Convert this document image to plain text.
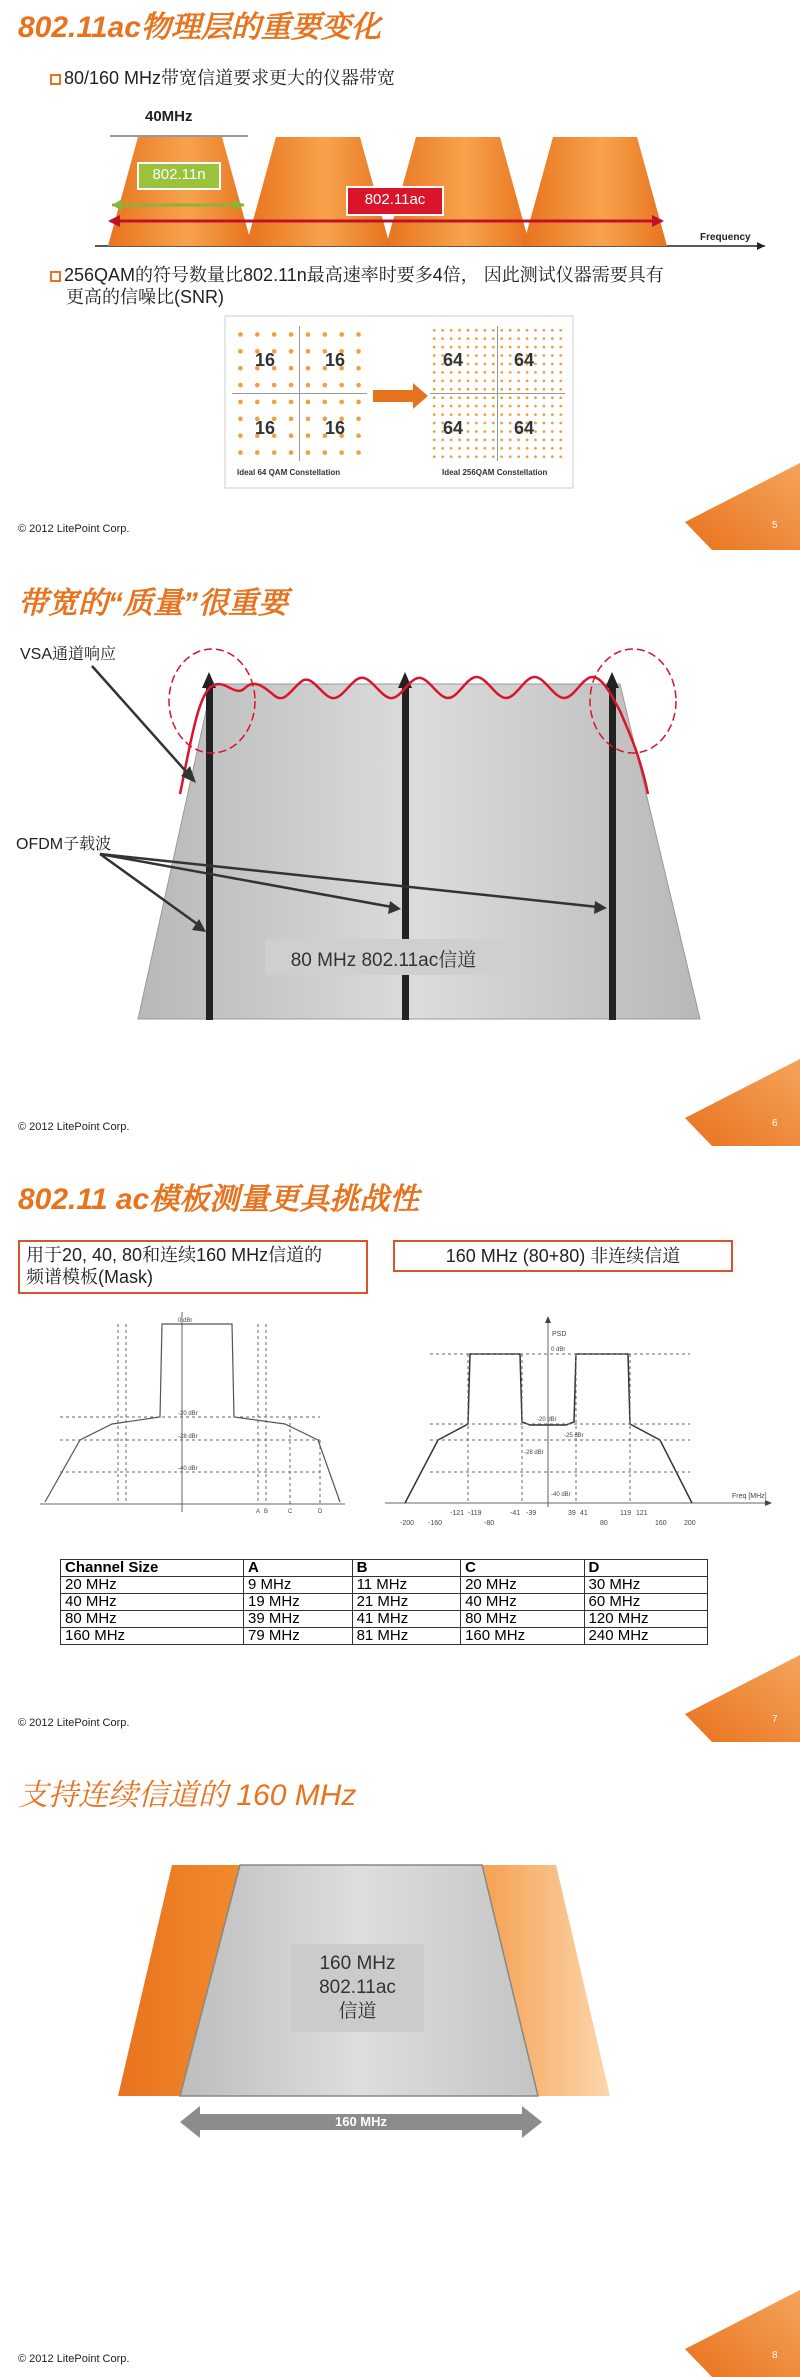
802.11ac物理层的重要变化
80/160 MHz带宽信道要求更大的仪器带宽
40MHz
802.11n
802.11ac
Frequency
256QAM的符号数量比802.11n最高速率时要多4倍， 因此测试仪器需要具有
更高的信噪比(SNR)
16	16
16	16
64	64
64	64
Ideal 64 QAM Constellation	Ideal 256QAM Constellation
© 2012 LitePoint Corp.	5
带宽的“质量”很重要
VSA通道响应
OFDM子载波
80 MHz 802.11ac信道
© 2012 LitePoint Corp.	6
0 dBr
-20 dBr
-28 dBr
-40 dBr
A B	C	D
PSD
0 dBr
-20 dBr
-25 dBr
-28 dBr
-40 dBr	Freq [MHz]
-121 -119	-41 -39	39 41	119 121
-200 -160	-80	80	160 200
802.11 ac模板测量更具挑战性
用于20, 40, 80和连续160 MHz信道的
频谱模板(Mask)
160 MHz (80+80) 非连续信道
Channel Size	A	B	C	D
20 MHz	9 MHz	11 MHz	20 MHz	30 MHz
40 MHz	19 MHz	21 MHz	40 MHz	60 MHz
80 MHz	39 MHz	41 MHz	80 MHz	120 MHz
160 MHz	79 MHz	81 MHz	160 MHz	240 MHz
© 2012 LitePoint Corp.	7
支持连续信道的 160 MHz
160 MHz
802.11ac
信道
160 MHz
© 2012 LitePoint Corp.	8
